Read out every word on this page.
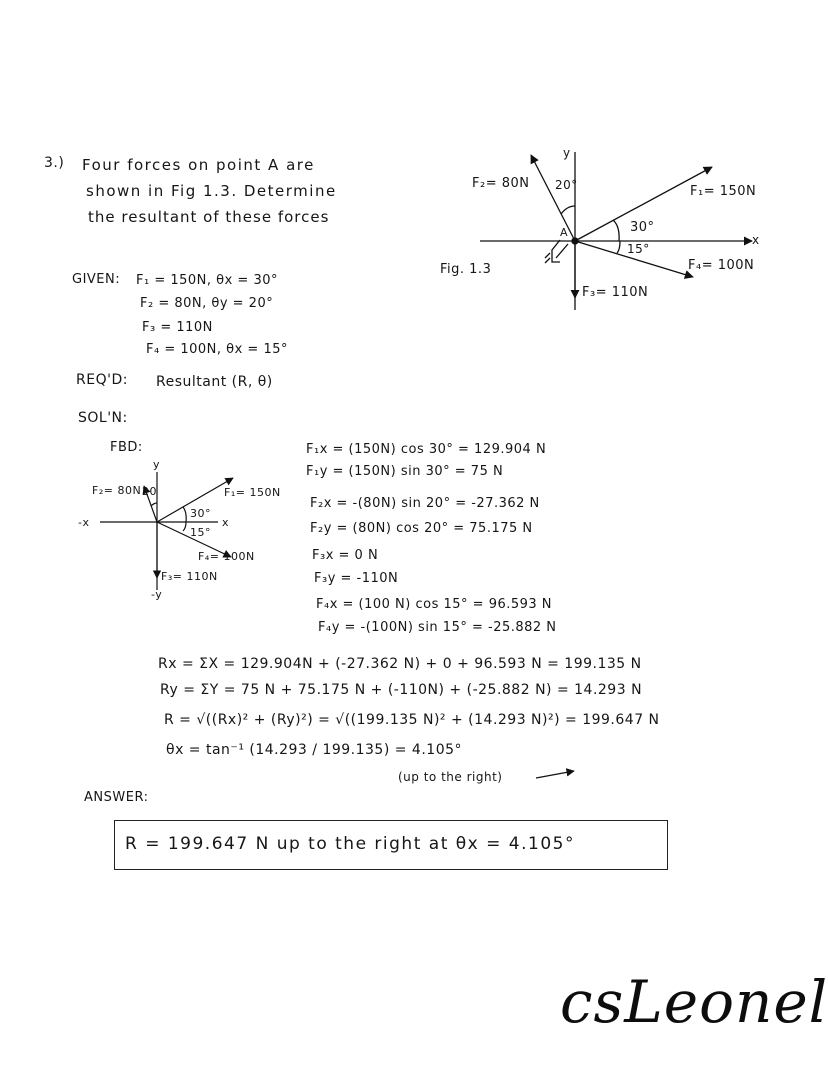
3.) Four forces on point A are
shown in Fig 1.3. Determine
the resultant of these forces
y
x
A
F₁= 150N
F₂= 80N
F₃= 110N
F₄= 100N
20°
30°
15°
Fig. 1.3
GIVEN: F₁ = 150N, θx = 30°
F₂ = 80N, θy = 20°
F₃ = 110N
F₄ = 100N, θx = 15°
REQ'D: Resultant (R, θ)
SOL'N:
FBD:
y
-y
x
-x
F₁= 150N
F₂= 80N
F₃= 110N
F₄= 100N
20
30°
15°
F₁x = (150N) cos 30° = 129.904 N
F₁y = (150N) sin 30° = 75 N
F₂x = -(80N) sin 20° = -27.362 N
F₂y = (80N) cos 20° = 75.175 N
F₃x = 0 N
F₃y = -110N
F₄x = (100 N) cos 15° = 96.593 N
F₄y = -(100N) sin 15° = -25.882 N
Rx = ΣX = 129.904N + (-27.362 N) + 0 + 96.593 N = 199.135 N
Ry = ΣY = 75 N + 75.175 N + (-110N) + (-25.882 N) = 14.293 N
R = √((Rx)² + (Ry)²) = √((199.135 N)² + (14.293 N)²) = 199.647 N
θx = tan⁻¹ (14.293 / 199.135) = 4.105°
(up to the right)
ANSWER:
R = 199.647 N up to the right at θx = 4.105°
csLeonel
